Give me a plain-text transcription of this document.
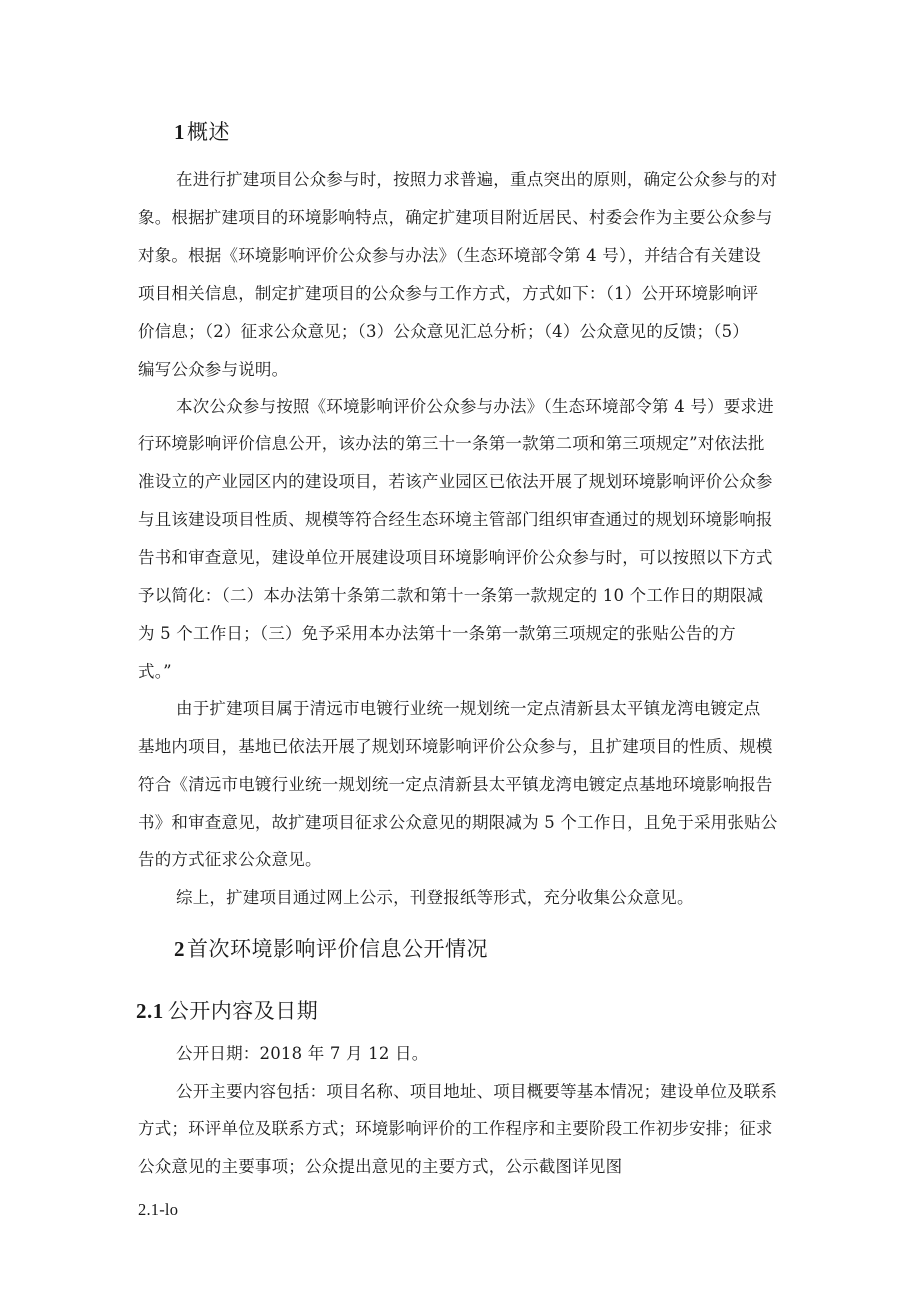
1概述
在进行扩建项目公众参与时，按照力求普遍，重点突出的原则，确定公众参与的对
象。根据扩建项目的环境影响特点，确定扩建项目附近居民、村委会作为主要公众参与
对象。根据《环境影响评价公众参与办法》（生态环境部令第 4 号），并结合有关建设
项目相关信息，制定扩建项目的公众参与工作方式，方式如下：（1）公开环境影响评
价信息；（2）征求公众意见；（3）公众意见汇总分析；（4）公众意见的反馈；（5）
编写公众参与说明。
本次公众参与按照《环境影响评价公众参与办法》（生态环境部令第 4 号）要求进
行环境影响评价信息公开，该办法的第三十一条第一款第二项和第三项规定”对依法批
准设立的产业园区内的建设项目，若该产业园区已依法开展了规划环境影响评价公众参
与且该建设项目性质、规模等符合经生态环境主管部门组织审查通过的规划环境影响报
告书和审查意见，建设单位开展建设项目环境影响评价公众参与时，可以按照以下方式
予以简化：（二）本办法第十条第二款和第十一条第一款规定的 10 个工作日的期限减
为 5 个工作日；（三）免予采用本办法第十一条第一款第三项规定的张贴公告的方
式。”
由于扩建项目属于清远市电镀行业统一规划统一定点清新县太平镇龙湾电镀定点
基地内项目，基地已依法开展了规划环境影响评价公众参与，且扩建项目的性质、规模
符合《清远市电镀行业统一规划统一定点清新县太平镇龙湾电镀定点基地环境影响报告
书》和审查意见，故扩建项目征求公众意见的期限减为 5 个工作日，且免于采用张贴公
告的方式征求公众意见。
综上，扩建项目通过网上公示，刊登报纸等形式，充分收集公众意见。
2首次环境影响评价信息公开情况
2.1 公开内容及日期
公开日期：2018 年 7 月 12 日。
公开主要内容包括：项目名称、项目地址、项目概要等基本情况；建设单位及联系
方式；环评单位及联系方式；环境影响评价的工作程序和主要阶段工作初步安排；征求
公众意见的主要事项；公众提出意见的主要方式，公示截图详见图
2.1-lo
